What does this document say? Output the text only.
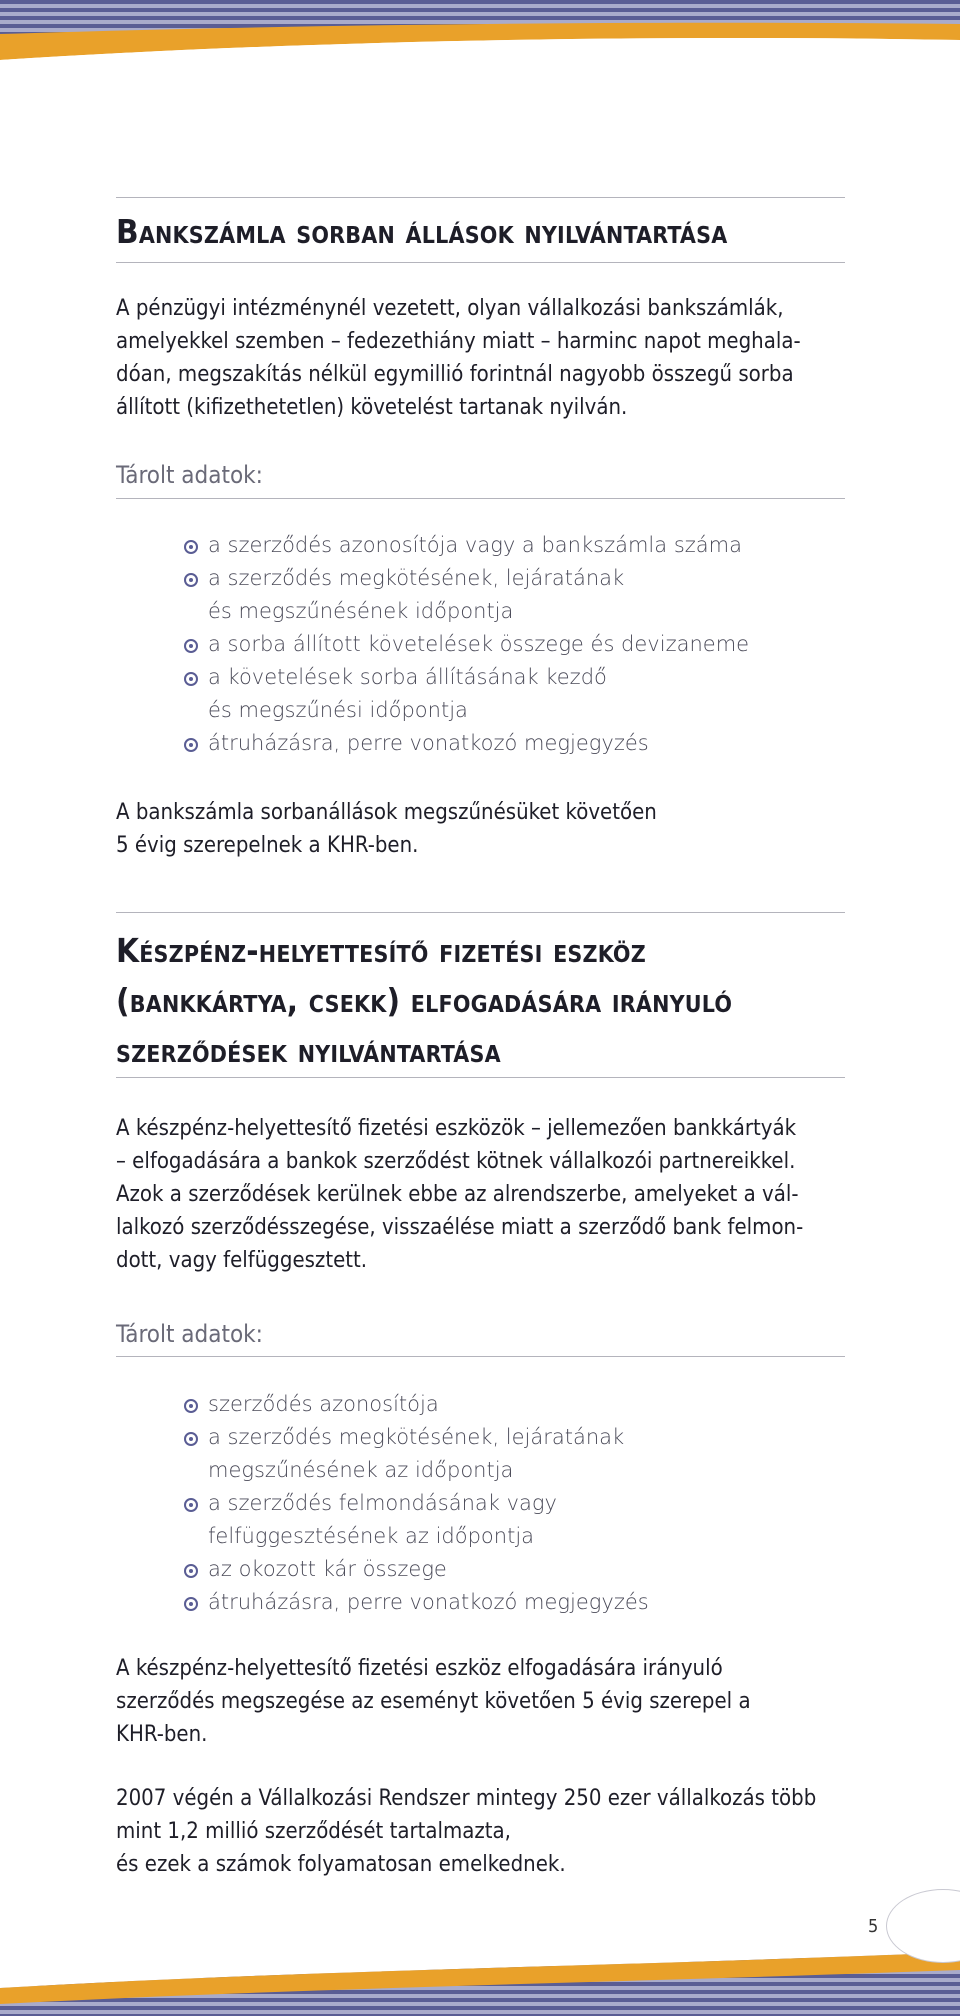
5
Bankszámla sorban állások nyilvántartása
A pénzügyi intézménynél vezetett, olyan vállalkozási bankszámlák,
amelyekkel szemben – fedezethiány miatt – harminc napot meghala-
dóan, megszakítás nélkül egymillió forintnál nagyobb összegű sorba
állított (kifizethetetlen) követelést tartanak nyilván.
Tárolt adatok:
a szerződés azonosítója vagy a bankszámla száma
a szerződés megkötésének, lejáratának
és megszűnésének időpontja
a sorba állított követelések összege és devizaneme
a követelések sorba állításának kezdő
és megszűnési időpontja
átruházásra, perre vonatkozó megjegyzés
A bankszámla sorbanállások megszűnésüket követően
5 évig szerepelnek a KHR-ben.
Készpénz-helyettesítő fizetési eszköz
(bankkártya, csekk) elfogadására irányuló
szerződések nyilvántartása
A készpénz-helyettesítő fizetési eszközök – jellemezően bankkártyák
– elfogadására a bankok szerződést kötnek vállalkozói partnereikkel.
Azok a szerződések kerülnek ebbe az alrendszerbe, amelyeket a vál-
lalkozó szerződésszegése, visszaélése miatt a szerződő bank felmon-
dott, vagy felfüggesztett.
Tárolt adatok:
szerződés azonosítója
a szerződés megkötésének, lejáratának
megszűnésének az időpontja
a szerződés felmondásának vagy
felfüggesztésének az időpontja
az okozott kár összege
átruházásra, perre vonatkozó megjegyzés
A készpénz-helyettesítő fizetési eszköz elfogadására irányuló
szerződés megszegése az eseményt követően 5 évig szerepel a
KHR-ben.
2007 végén a Vállalkozási Rendszer mintegy 250 ezer vállalkozás több
mint 1,2 millió szerződését tartalmazta,
és ezek a számok folyamatosan emelkednek.
